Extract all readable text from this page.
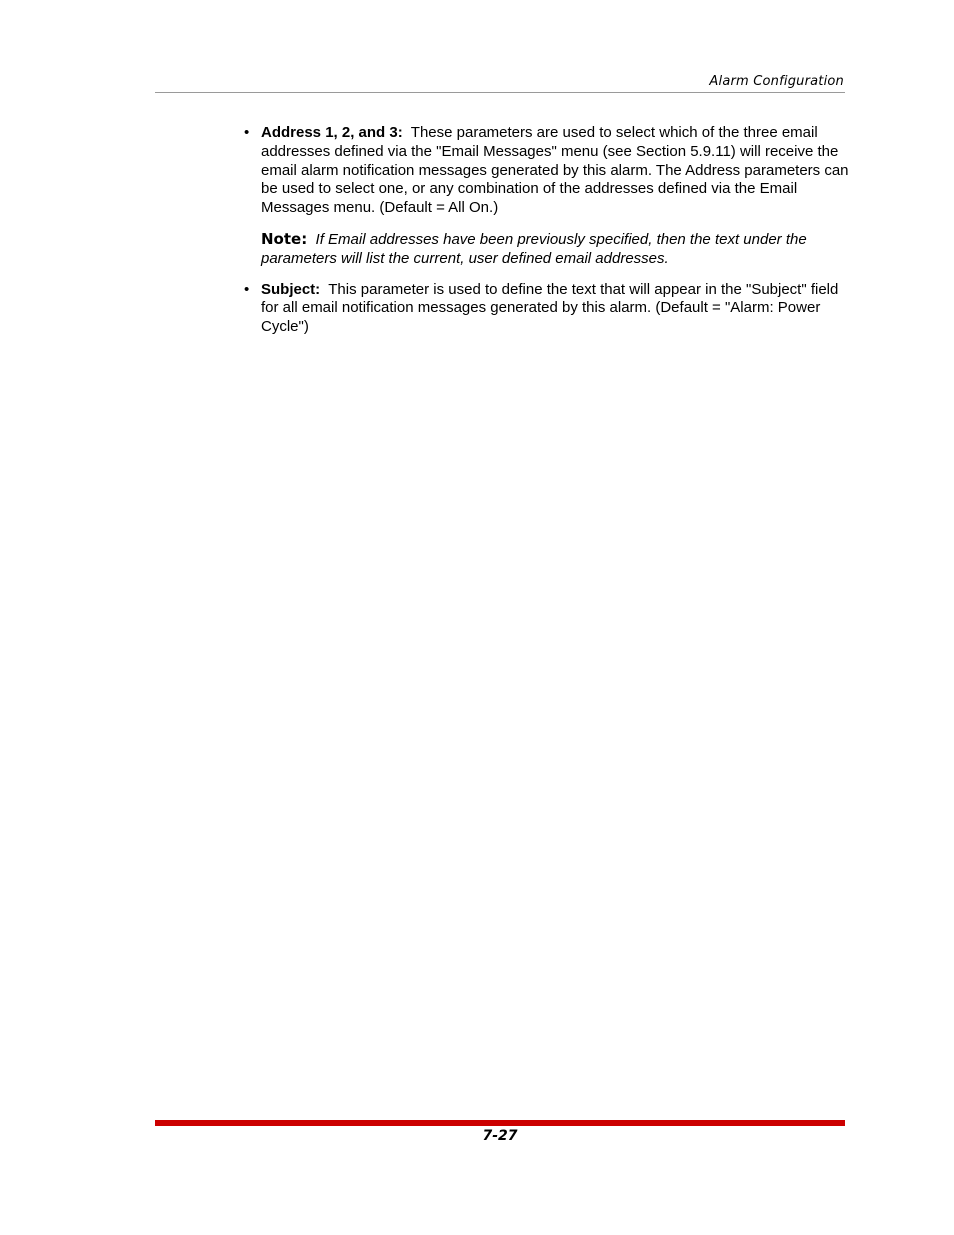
Alarm Configuration

• Address 1, 2, and 3: These parameters are used to select which of the three email addresses defined via the "Email Messages" menu (see Section 5.9.11) will receive the email alarm notification messages generated by this alarm. The Address parameters can be used to select one, or any combination of the addresses defined via the Email Messages menu. (Default = All On.)

Note: If Email addresses have been previously specified, then the text under the parameters will list the current, user defined email addresses.

• Subject: This parameter is used to define the text that will appear in the "Subject" field for all email notification messages generated by this alarm. (Default = "Alarm: Power Cycle")

7-27
